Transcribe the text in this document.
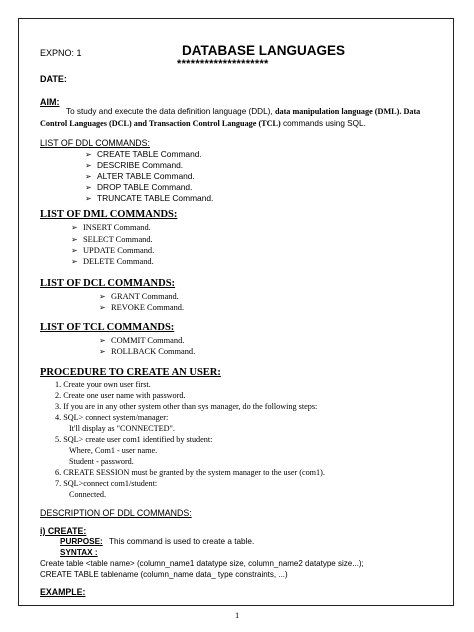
EXPNO: 1	DATABASE LANGUAGES
********************
DATE:
AIM:
To study and execute the data definition language (DDL), data manipulation language (DML). Data
Control Languages (DCL) and Transaction Control Language (TCL) commands using SQL.
LIST OF DDL COMMANDS:
➢ CREATE TABLE Command.
➢ DESCRIBE Command.
➢ ALTER TABLE Command.
➢ DROP TABLE Command.
➢ TRUNCATE TABLE Command.
LIST OF DML COMMANDS:
➢ INSERT Command.
➢ SELECT Command.
➢ UPDATE Command.
➢ DELETE Command.
LIST OF DCL COMMANDS:
➢ GRANT Command.
➢ REVOKE Command.
LIST OF TCL COMMANDS:
➢ COMMIT Command.
➢ ROLLBACK Command.
PROCEDURE TO CREATE AN USER:
1. Create your own user first.
2. Create one user name with password.
3. If you are in any other system other than sys manager, do the following steps:
4. SQL> connect system/manager:
It'll display as "CONNECTED".
5. SQL> create user com1 identified by student:
Where, Com1 - user name.
Student - password.
6. CREATE SESSION must be granted by the system manager to the user (com1).
7. SQL>connect com1/student:
Connected.
DESCRIPTION OF DDL COMMANDS:
i) CREATE:
PURPOSE: This command is used to create a table.
SYNTAX :
Create table <table name> (column_name1 datatype size, column_name2 datatype size...);
CREATE TABLE tablename (column_name data_ type constraints, ...)
EXAMPLE:
1
